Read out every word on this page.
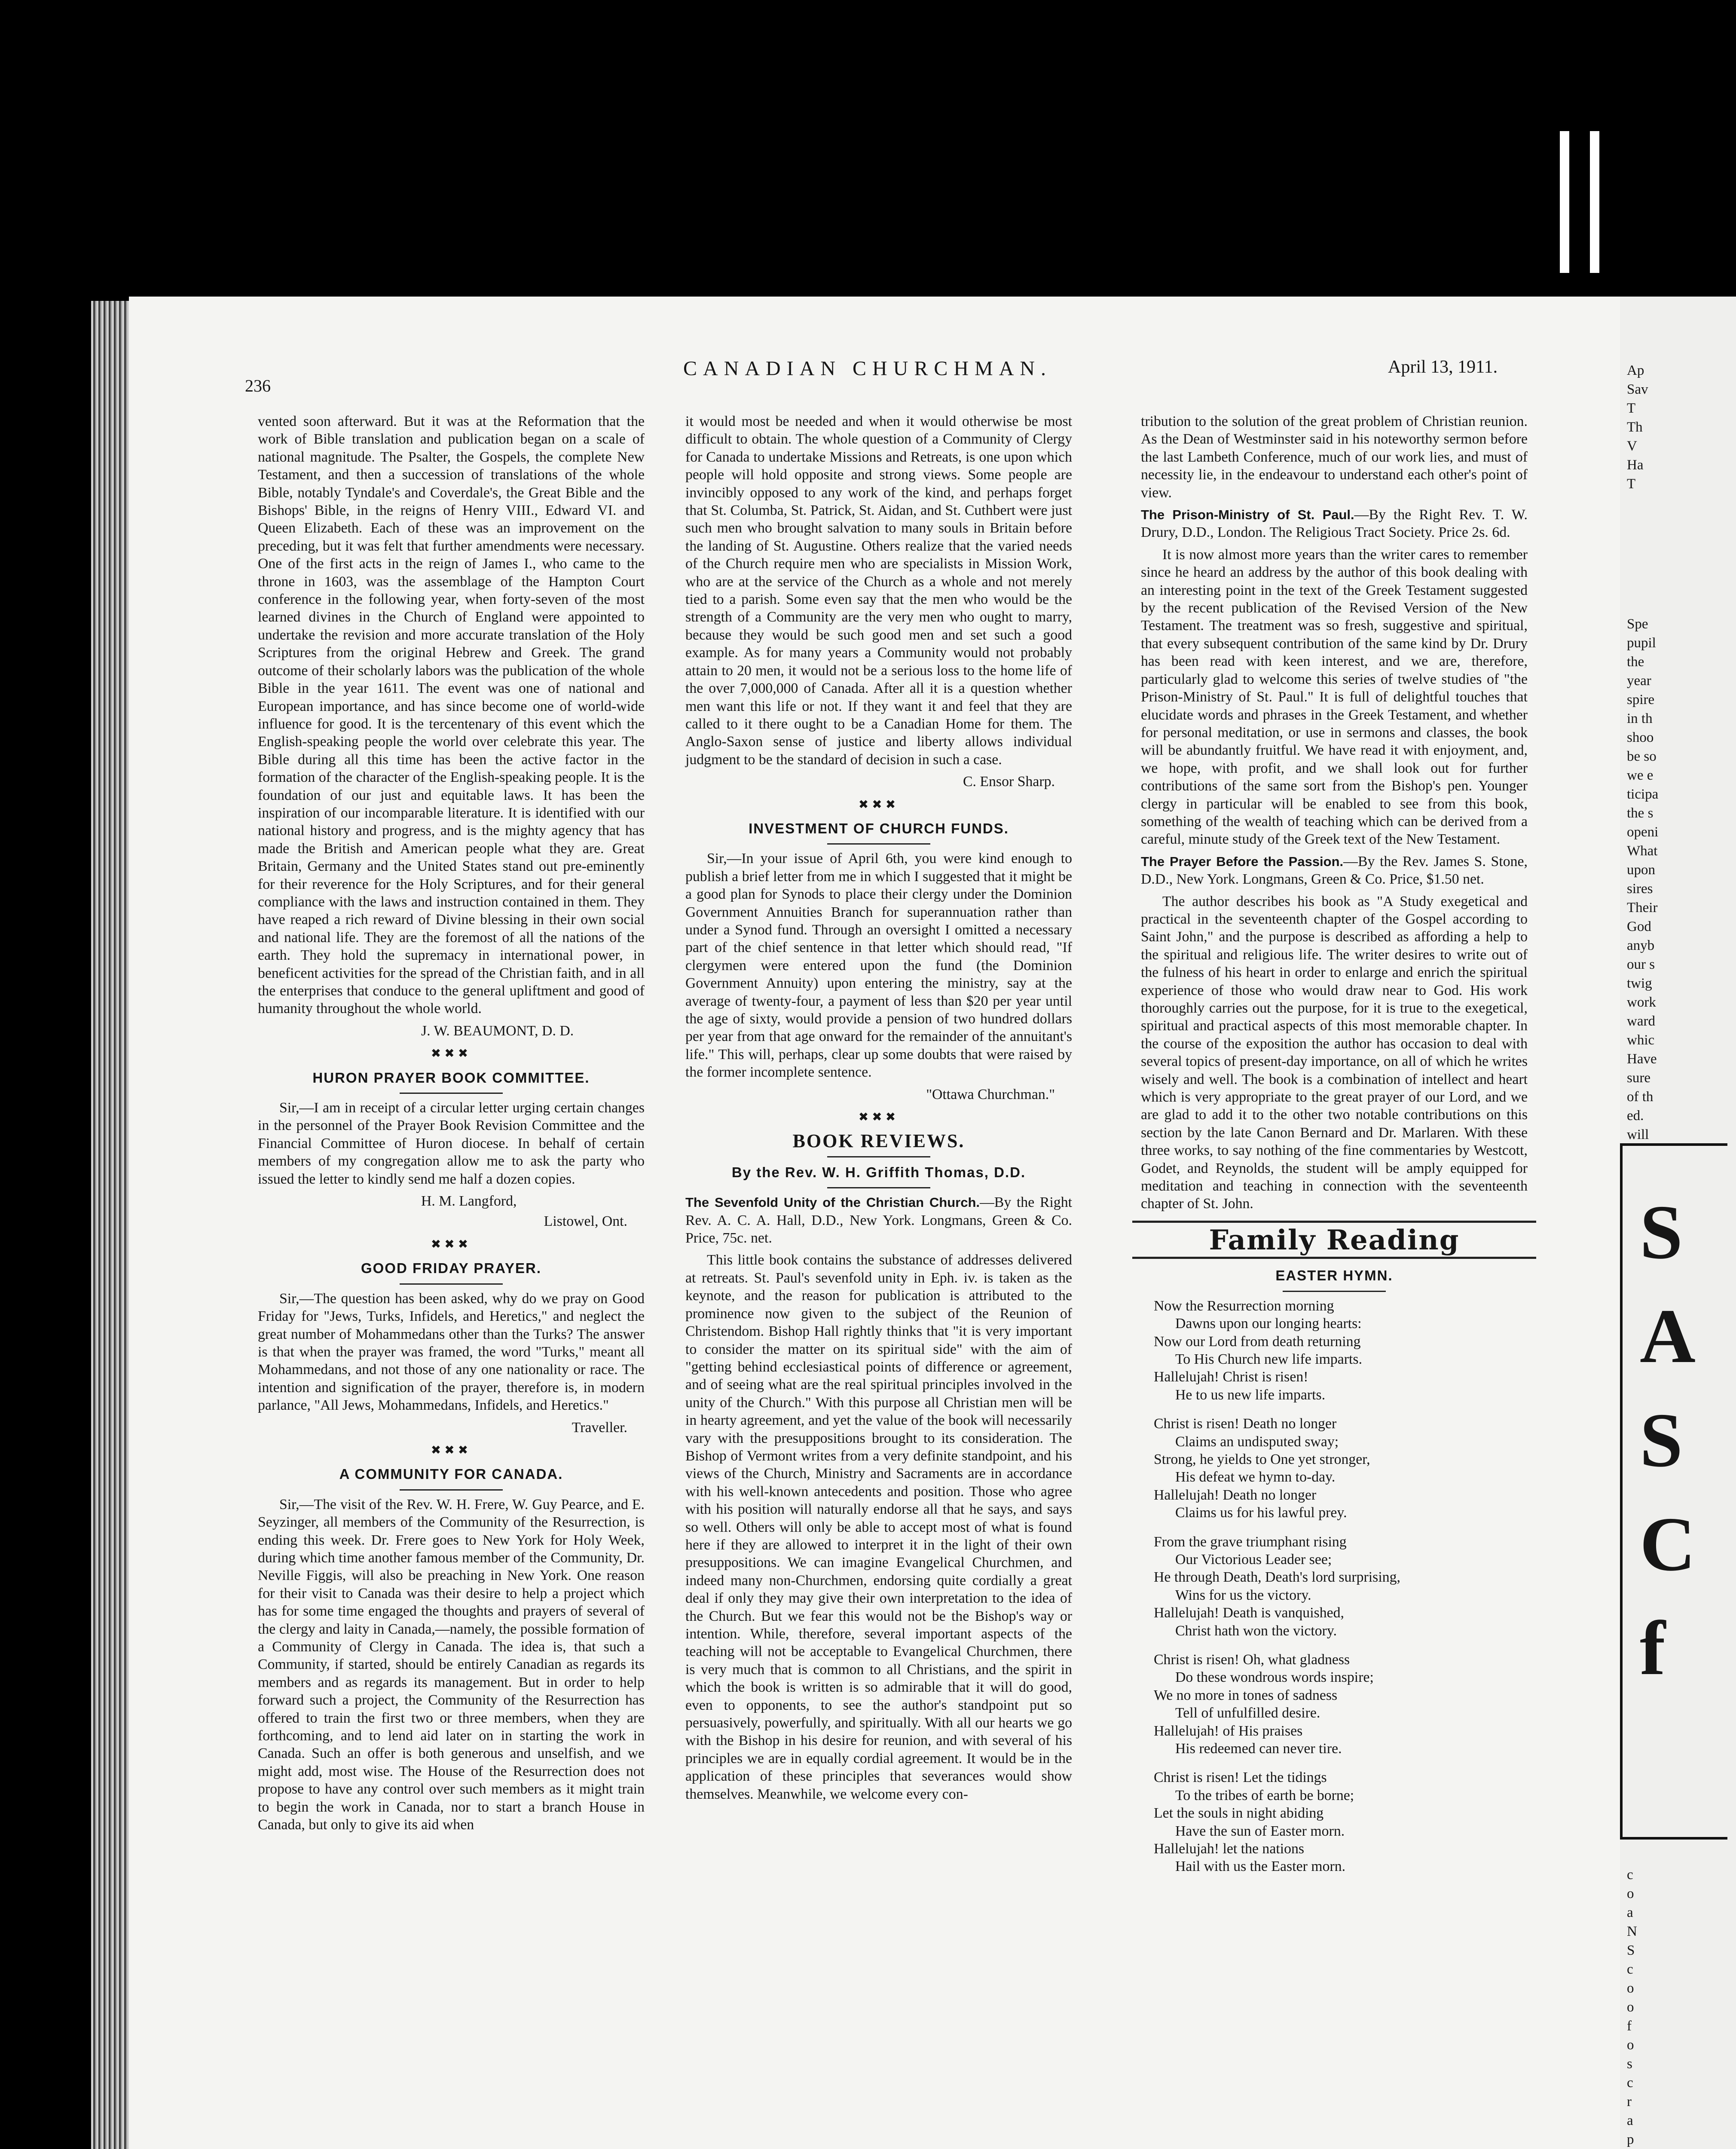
236
CANADIAN CHURCHMAN.	April 13, 1911.

vented soon afterward. But it was at the Reformation that the work of Bible translation and publication began on a scale of national magnitude. The Psalter, the Gospels, the complete New Testament, and then a succession of translations of the whole Bible, notably Tyndale's and Coverdale's, the Great Bible and the Bishops' Bible, in the reigns of Henry VIII., Edward VI. and Queen Elizabeth. Each of these was an improvement on the preceding, but it was felt that further amendments were necessary. One of the first acts in the reign of James I., who came to the throne in 1603, was the assemblage of the Hampton Court conference in the following year, when forty-seven of the most learned divines in the Church of England were appointed to undertake the revision and more accurate translation of the Holy Scriptures from the original Hebrew and Greek. The grand outcome of their scholarly labors was the publication of the whole Bible in the year 1611. The event was one of national and European importance, and has since become one of world-wide influence for good. It is the tercentenary of this event which the English-speaking people the world over celebrate this year. The Bible during all this time has been the active factor in the formation of the character of the English-speaking people. It is the foundation of our just and equitable laws. It has been the inspiration of our incomparable literature. It is identified with our national history and progress, and is the mighty agency that has made the British and American people what they are. Great Britain, Germany and the United States stand out pre-eminently for their reverence for the Holy Scriptures, and for their general compliance with the laws and instruction contained in them. They have reaped a rich reward of Divine blessing in their own social and national life. They are the foremost of all the nations of the earth. They hold the supremacy in international power, in beneficent activities for the spread of the Christian faith, and in all the enterprises that conduce to the general upliftment and good of humanity throughout the whole world.

J. W. BEAUMONT, D. D.
✖✖✖
HURON PRAYER BOOK COMMITTEE.

Sir,—I am in receipt of a circular letter urging certain changes in the personnel of the Prayer Book Revision Committee and the Financial Committee of Huron diocese. In behalf of certain members of my congregation allow me to ask the party who issued the letter to kindly send me half a dozen copies.

H. M. Langford,
Listowel, Ont.
✖✖✖
GOOD FRIDAY PRAYER.

Sir,—The question has been asked, why do we pray on Good Friday for "Jews, Turks, Infidels, and Heretics," and neglect the great number of Mohammedans other than the Turks? The answer is that when the prayer was framed, the word "Turks," meant all Mohammedans, and not those of any one nationality or race. The intention and signification of the prayer, therefore is, in modern parlance, "All Jews, Mohammedans, Infidels, and Heretics."

Traveller.
✖✖✖
A COMMUNITY FOR CANADA.

Sir,—The visit of the Rev. W. H. Frere, W. Guy Pearce, and E. Seyzinger, all members of the Community of the Resurrection, is ending this week. Dr. Frere goes to New York for Holy Week, during which time another famous member of the Community, Dr. Neville Figgis, will also be preaching in New York. One reason for their visit to Canada was their desire to help a project which has for some time engaged the thoughts and prayers of several of the clergy and laity in Canada,—namely, the possible formation of a Community of Clergy in Canada. The idea is, that such a Community, if started, should be entirely Canadian as regards its members and as regards its management. But in order to help forward such a project, the Community of the Resurrection has offered to train the first two or three members, when they are forthcoming, and to lend aid later on in starting the work in Canada. Such an offer is both generous and unselfish, and we might add, most wise. The House of the Resurrection does not propose to have any control over such members as it might train to begin the work in Canada, nor to start a branch House in Canada, but only to give its aid when

it would most be needed and when it would otherwise be most difficult to obtain. The whole question of a Community of Clergy for Canada to undertake Missions and Retreats, is one upon which people will hold opposite and strong views. Some people are invincibly opposed to any work of the kind, and perhaps forget that St. Columba, St. Patrick, St. Aidan, and St. Cuthbert were just such men who brought salvation to many souls in Britain before the landing of St. Augustine. Others realize that the varied needs of the Church require men who are specialists in Mission Work, who are at the service of the Church as a whole and not merely tied to a parish. Some even say that the men who would be the strength of a Community are the very men who ought to marry, because they would be such good men and set such a good example. As for many years a Community would not probably attain to 20 men, it would not be a serious loss to the home life of the over 7,000,000 of Canada. After all it is a question whether men want this life or not. If they want it and feel that they are called to it there ought to be a Canadian Home for them. The Anglo-Saxon sense of justice and liberty allows individual judgment to be the standard of decision in such a case.

C. Ensor Sharp.
✖✖✖
INVESTMENT OF CHURCH FUNDS.

Sir,—In your issue of April 6th, you were kind enough to publish a brief letter from me in which I suggested that it might be a good plan for Synods to place their clergy under the Dominion Government Annuities Branch for superannuation rather than under a Synod fund. Through an oversight I omitted a necessary part of the chief sentence in that letter which should read, "If clergymen were entered upon the fund (the Dominion Government Annuity) upon entering the ministry, say at the average of twenty-four, a payment of less than $20 per year until the age of sixty, would provide a pension of two hundred dollars per year from that age onward for the remainder of the annuitant's life." This will, perhaps, clear up some doubts that were raised by the former incomplete sentence.

"Ottawa Churchman."
✖✖✖
BOOK REVIEWS.
By the Rev. W. H. Griffith Thomas, D.D.

The Sevenfold Unity of the Christian Church.—By the Right Rev. A. C. A. Hall, D.D., New York. Longmans, Green & Co. Price, 75c. net.

This little book contains the substance of addresses delivered at retreats. St. Paul's sevenfold unity in Eph. iv. is taken as the keynote, and the reason for publication is attributed to the prominence now given to the subject of the Reunion of Christendom. Bishop Hall rightly thinks that "it is very important to consider the matter on its spiritual side" with the aim of "getting behind ecclesiastical points of difference or agreement, and of seeing what are the real spiritual principles involved in the unity of the Church." With this purpose all Christian men will be in hearty agreement, and yet the value of the book will necessarily vary with the presuppositions brought to its consideration. The Bishop of Vermont writes from a very definite standpoint, and his views of the Church, Ministry and Sacraments are in accordance with his well-known antecedents and position. Those who agree with his position will naturally endorse all that he says, and says so well. Others will only be able to accept most of what is found here if they are allowed to interpret it in the light of their own presuppositions. We can imagine Evangelical Churchmen, and indeed many non-Churchmen, endorsing quite cordially a great deal if only they may give their own interpretation to the idea of the Church. But we fear this would not be the Bishop's way or intention. While, therefore, several important aspects of the teaching will not be acceptable to Evangelical Churchmen, there is very much that is common to all Christians, and the spirit in which the book is written is so admirable that it will do good, even to opponents, to see the author's standpoint put so persuasively, powerfully, and spiritually. With all our hearts we go with the Bishop in his desire for reunion, and with several of his principles we are in equally cordial agreement. It would be in the application of these principles that severances would show themselves. Meanwhile, we welcome every con-

tribution to the solution of the great problem of Christian reunion. As the Dean of Westminster said in his noteworthy sermon before the last Lambeth Conference, much of our work lies, and must of necessity lie, in the endeavour to understand each other's point of view.

The Prison-Ministry of St. Paul.—By the Right Rev. T. W. Drury, D.D., London. The Religious Tract Society. Price 2s. 6d.

It is now almost more years than the writer cares to remember since he heard an address by the author of this book dealing with an interesting point in the text of the Greek Testament suggested by the recent publication of the Revised Version of the New Testament. The treatment was so fresh, suggestive and spiritual, that every subsequent contribution of the same kind by Dr. Drury has been read with keen interest, and we are, therefore, particularly glad to welcome this series of twelve studies of "the Prison-Ministry of St. Paul." It is full of delightful touches that elucidate words and phrases in the Greek Testament, and whether for personal meditation, or use in sermons and classes, the book will be abundantly fruitful. We have read it with enjoyment, and, we hope, with profit, and we shall look out for further contributions of the same sort from the Bishop's pen. Younger clergy in particular will be enabled to see from this book, something of the wealth of teaching which can be derived from a careful, minute study of the Greek text of the New Testament.

The Prayer Before the Passion.—By the Rev. James S. Stone, D.D., New York. Longmans, Green & Co. Price, $1.50 net.

The author describes his book as "A Study exegetical and practical in the seventeenth chapter of the Gospel according to Saint John," and the purpose is described as affording a help to the spiritual and religious life. The writer desires to write out of the fulness of his heart in order to enlarge and enrich the spiritual experience of those who would draw near to God. His work thoroughly carries out the purpose, for it is true to the exegetical, spiritual and practical aspects of this most memorable chapter. In the course of the exposition the author has occasion to deal with several topics of present-day importance, on all of which he writes wisely and well. The book is a combination of intellect and heart which is very appropriate to the great prayer of our Lord, and we are glad to add it to the other two notable contributions on this section by the late Canon Bernard and Dr. Marlaren. With these three works, to say nothing of the fine commentaries by Westcott, Godet, and Reynolds, the student will be amply equipped for meditation and teaching in connection with the seventeenth chapter of St. John.

Family Reading
EASTER HYMN.
Now the Resurrection morning
Dawns upon our longing hearts:
Now our Lord from death returning
To His Church new life imparts.
Hallelujah! Christ is risen!
He to us new life imparts.
Christ is risen! Death no longer
Claims an undisputed sway;
Strong, he yields to One yet stronger,
His defeat we hymn to-day.
Hallelujah! Death no longer
Claims us for his lawful prey.
From the grave triumphant rising
Our Victorious Leader see;
He through Death, Death's lord surprising,
Wins for us the victory.
Hallelujah! Death is vanquished,
Christ hath won the victory.
Christ is risen! Oh, what gladness
Do these wondrous words inspire;
We no more in tones of sadness
Tell of unfulfilled desire.
Hallelujah! of His praises
His redeemed can never tire.
Christ is risen! Let the tidings
To the tribes of earth be borne;
Let the souls in night abiding
Have the sun of Easter morn.
Hallelujah! let the nations
Hail with us the Easter morn.
Ap
Sav
T
Th
V
Ha
T
Spe
pupil
the
year
spire
in th
shoo
be so
we e
ticipa
the s
openi
What
upon
sires
Their
God
anyb
our s
twig
work
ward
whic
Have
sure
of th
ed.
will
S
A
S
C
f
c
o
a
N
S
c
o
o
f
o
s
c
r
a
p
